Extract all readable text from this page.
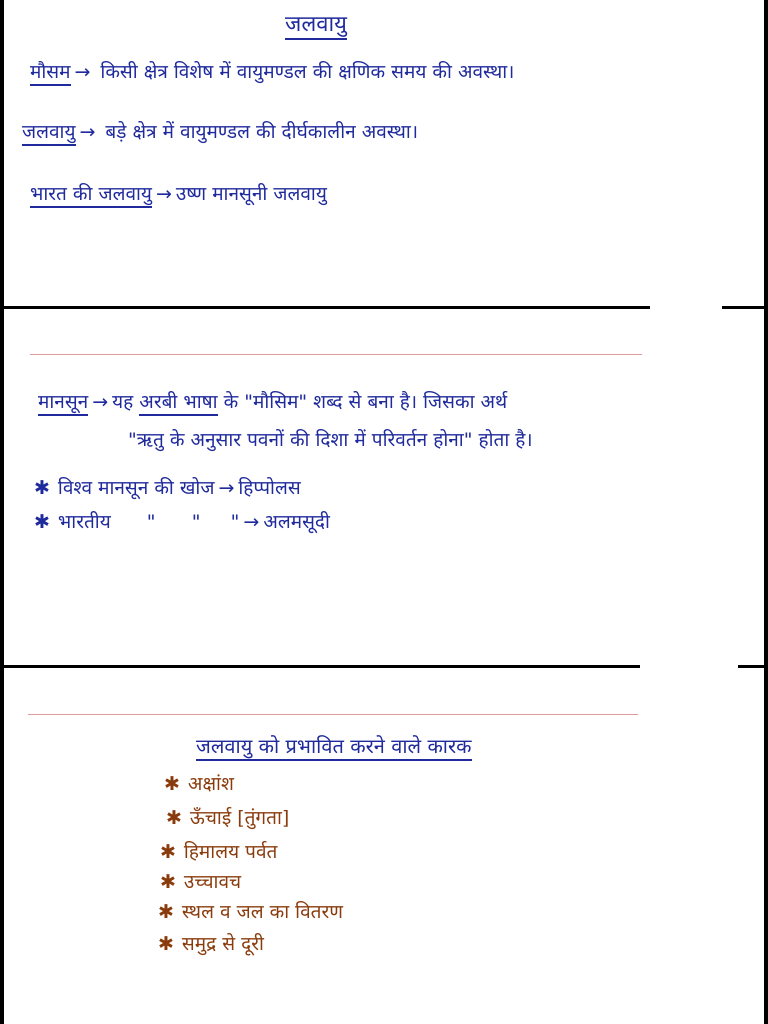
जलवायु
मौसम → किसी क्षेत्र विशेष में वायुमण्डल की क्षणिक समय की अवस्था।
जलवायु → बड़े क्षेत्र में वायुमण्डल की दीर्घकालीन अवस्था।
भारत की जलवायु → उष्ण मानसूनी जलवायु
मानसून → यह अरबी भाषा के "मौसिम" शब्द से बना है। जिसका अर्थ
"ऋतु के अनुसार पवनों की दिशा में परिवर्तन होना" होता है।
✱ विश्व मानसून की खोज → हिप्पोलस
✱ भारतीय "      "     " → अलमसूदी
जलवायु को प्रभावित करने वाले कारक
✱ अक्षांश
✱ ऊँचाई [तुंगता]
✱ हिमालय पर्वत
✱ उच्चावच
✱ स्थल व जल का वितरण
✱ समुद्र से दूरी
